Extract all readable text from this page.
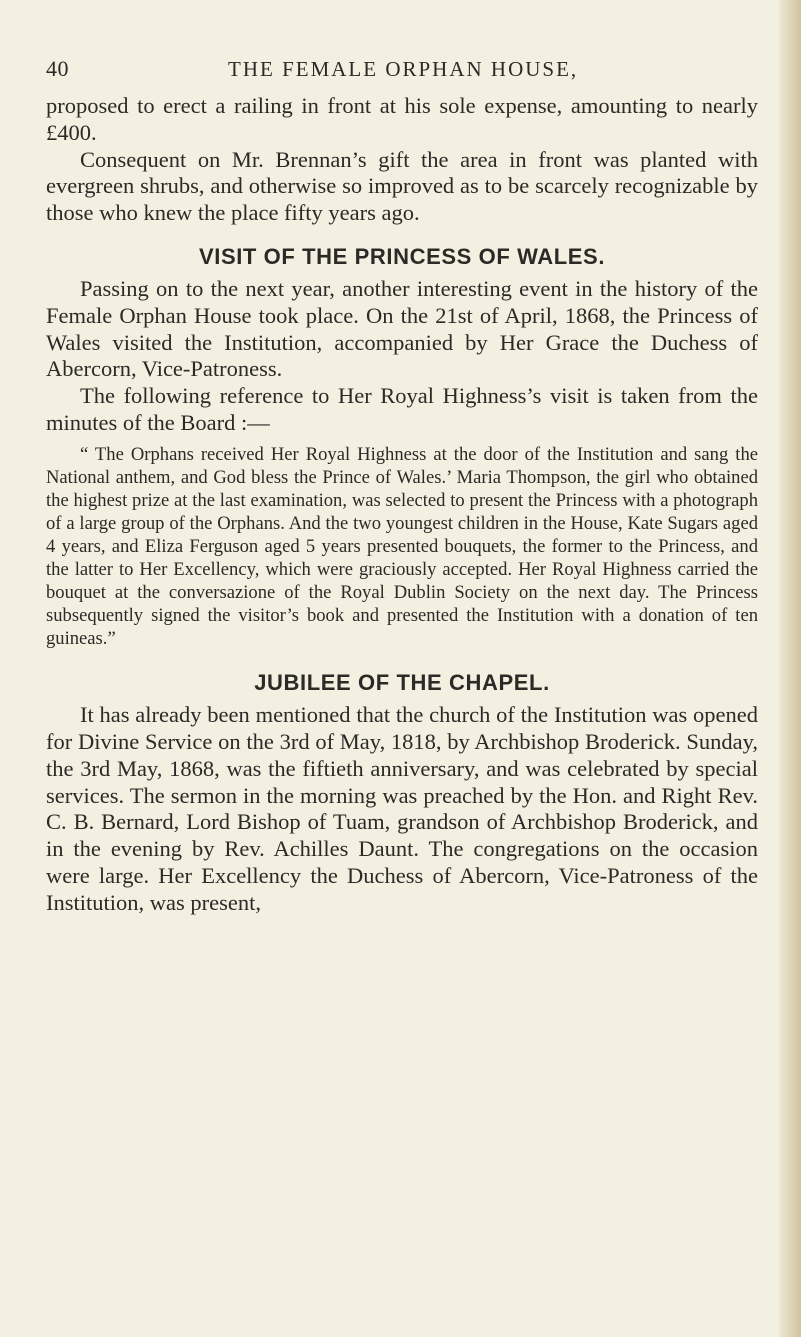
40	THE FEMALE ORPHAN HOUSE,

proposed to erect a railing in front at his sole expense, amounting to nearly £400.

Consequent on Mr. Brennan’s gift the area in front was planted with evergreen shrubs, and otherwise so improved as to be scarcely recognizable by those who knew the place fifty years ago.

VISIT OF THE PRINCESS OF WALES.

Passing on to the next year, another interesting event in the history of the Female Orphan House took place. On the 21st of April, 1868, the Princess of Wales visited the Institution, accompanied by Her Grace the Duchess of Abercorn, Vice-Patroness.

The following reference to Her Royal Highness’s visit is taken from the minutes of the Board :—

“ The Orphans received Her Royal Highness at the door of the Institution and sang the National anthem, and God bless the Prince of Wales.’ Maria Thompson, the girl who obtained the highest prize at the last examination, was selected to present the Princess with a photograph of a large group of the Orphans. And the two youngest children in the House, Kate Sugars aged 4 years, and Eliza Ferguson aged 5 years presented bouquets, the former to the Princess, and the latter to Her Excellency, which were graciously accepted. Her Royal Highness carried the bouquet at the conversazione of the Royal Dublin Society on the next day. The Princess subsequently signed the visitor’s book and presented the Institution with a donation of ten guineas.”

JUBILEE OF THE CHAPEL.

It has already been mentioned that the church of the Institution was opened for Divine Service on the 3rd of May, 1818, by Archbishop Broderick. Sunday, the 3rd May, 1868, was the fiftieth anniversary, and was celebrated by special services. The sermon in the morning was preached by the Hon. and Right Rev. C. B. Bernard, Lord Bishop of Tuam, grandson of Archbishop Broderick, and in the evening by Rev. Achilles Daunt. The congregations on the occasion were large. Her Excellency the Duchess of Abercorn, Vice-Patroness of the Institution, was present,
